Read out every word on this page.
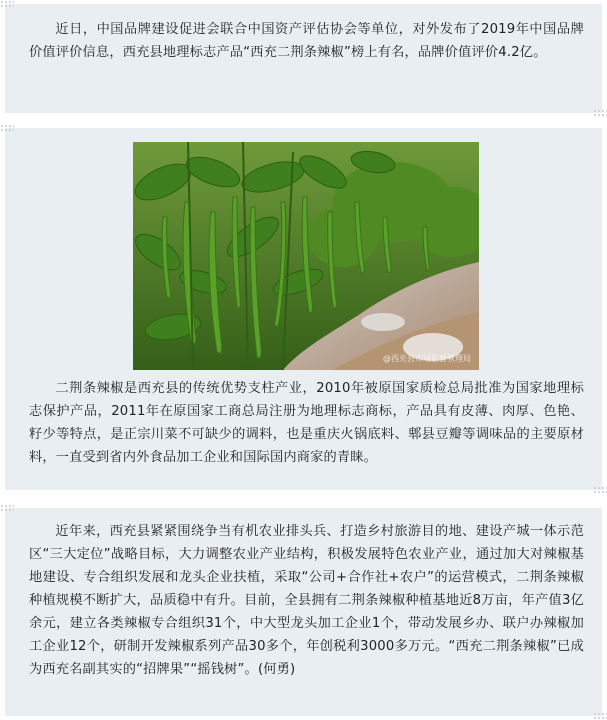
近日，中国品牌建设促进会联合中国资产评估协会等单位，对外发布了2019年中国品牌价值评价信息，西充县地理标志产品“西充二荆条辣椒”榜上有名，品牌价值评价4.2亿。

@西充县市场监督管理局

二荆条辣椒是西充县的传统优势支柱产业，2010年被原国家质检总局批准为国家地理标志保护产品，2011年在原国家工商总局注册为地理标志商标，产品具有皮薄、肉厚、色艳、籽少等特点，是正宗川菜不可缺少的调料，也是重庆火锅底料、郫县豆瓣等调味品的主要原材料，一直受到省内外食品加工企业和国际国内商家的青睐。

近年来，西充县紧紧围绕争当有机农业排头兵、打造乡村旅游目的地、建设产城一体示范区“三大定位”战略目标，大力调整农业产业结构，积极发展特色农业产业，通过加大对辣椒基地建设、专合组织发展和龙头企业扶植，采取“公司+合作社+农户”的运营模式，二荆条辣椒种植规模不断扩大，品质稳中有升。目前，全县拥有二荆条辣椒种植基地近8万亩，年产值3亿余元，建立各类辣椒专合组织31个，中大型龙头加工企业1个，带动发展乡办、联户办辣椒加工企业12个，研制开发辣椒系列产品30多个，年创税利3000多万元。“西充二荆条辣椒”已成为西充名副其实的“招牌果”“摇钱树”。(何勇)
